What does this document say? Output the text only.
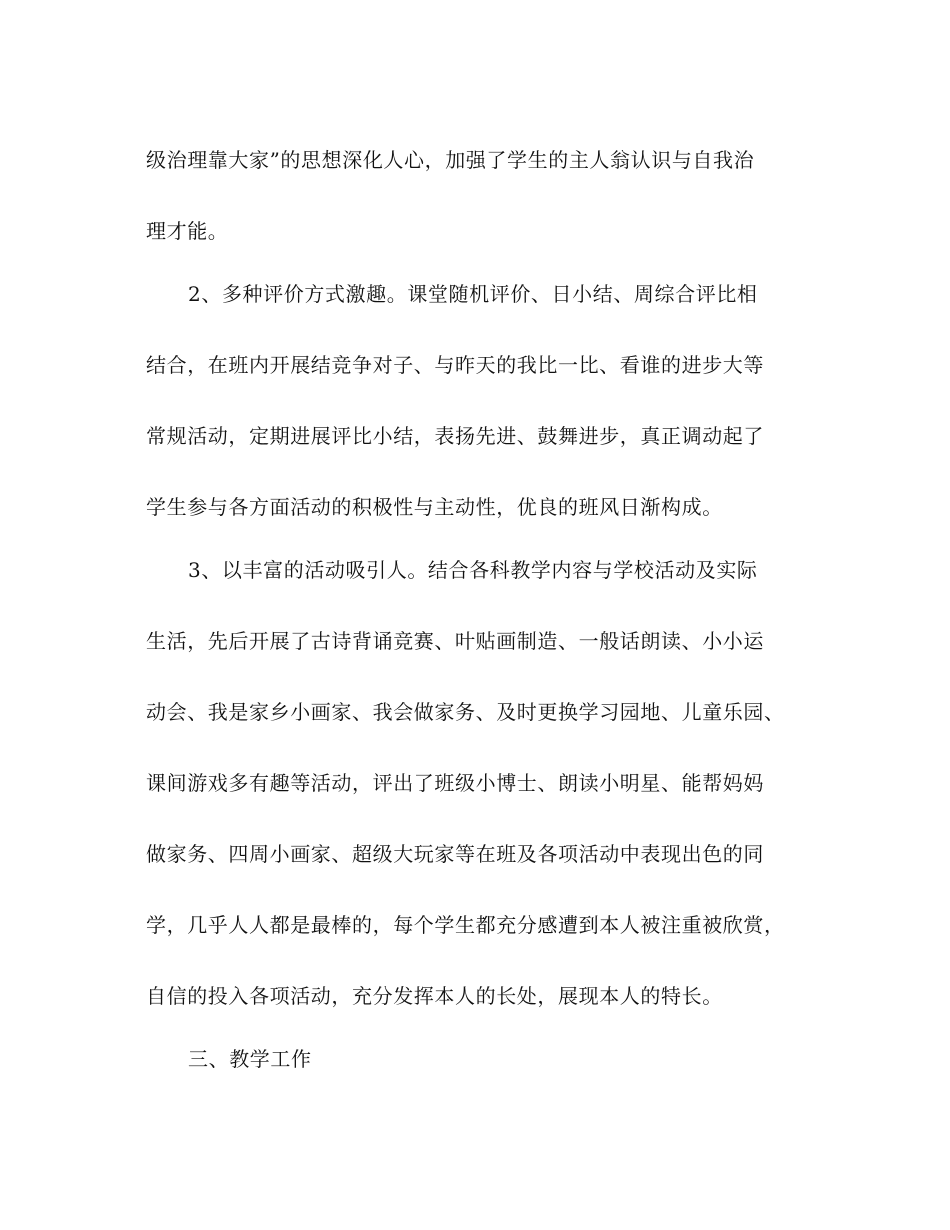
级治理靠大家”的思想深化人心，加强了学生的主人翁认识与自我治
理才能。
2、多种评价方式激趣。课堂随机评价、日小结、周综合评比相
结合，在班内开展结竞争对子、与昨天的我比一比、看谁的进步大等
常规活动，定期进展评比小结，表扬先进、鼓舞进步，真正调动起了
学生参与各方面活动的积极性与主动性，优良的班风日渐构成。
3、以丰富的活动吸引人。结合各科教学内容与学校活动及实际
生活，先后开展了古诗背诵竞赛、叶贴画制造、一般话朗读、小小运
动会、我是家乡小画家、我会做家务、及时更换学习园地、儿童乐园、
课间游戏多有趣等活动，评出了班级小博士、朗读小明星、能帮妈妈
做家务、四周小画家、超级大玩家等在班及各项活动中表现出色的同
学，几乎人人都是最棒的，每个学生都充分感遭到本人被注重被欣赏，
自信的投入各项活动，充分发挥本人的长处，展现本人的特长。
三、教学工作
